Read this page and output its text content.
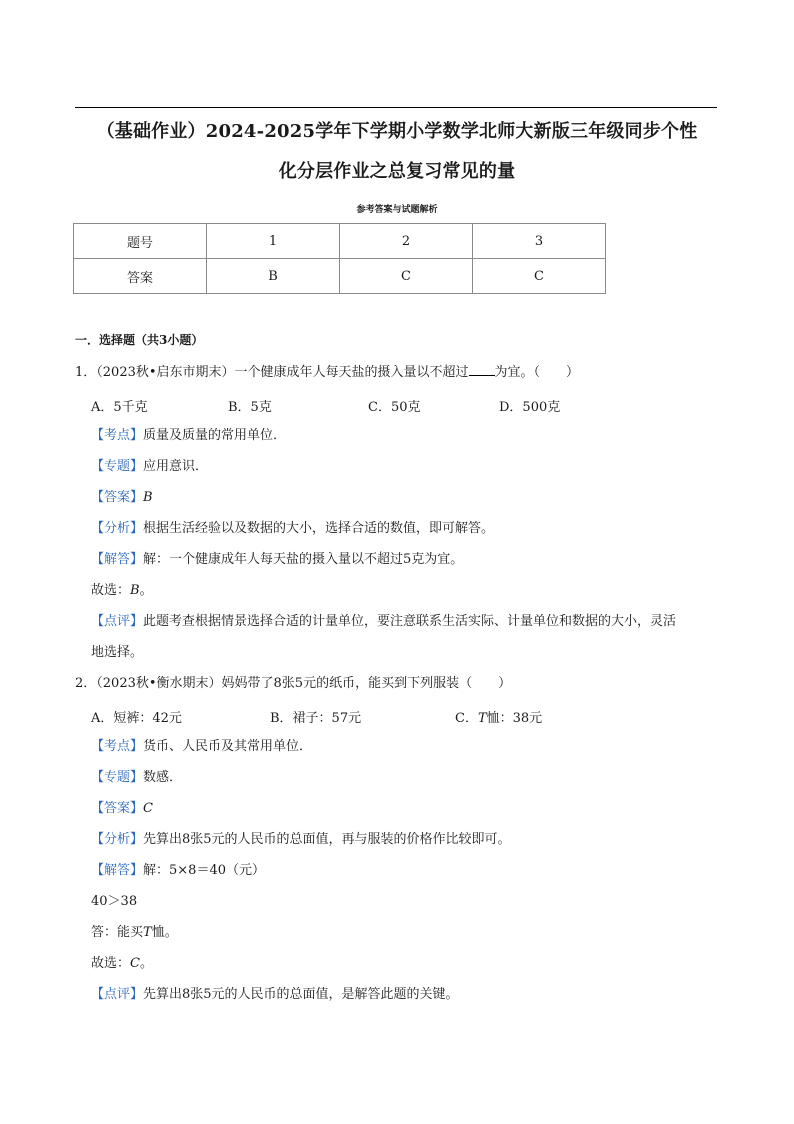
（基础作业）2024-2025学年下学期小学数学北师大新版三年级同步个性
化分层作业之总复习常见的量
参考答案与试题解析
题号	1	2	3
答案	B	C	C
一．选择题（共3小题）
1．（2023秋•启东市期末）一个健康成年人每天盐的摄入量以不超过 为宜。（　　）
A．5千克	B．5克	C．50克	D．500克
【考点】质量及质量的常用单位．
【专题】应用意识．
【答案】B
【分析】根据生活经验以及数据的大小，选择合适的数值，即可解答。
【解答】解：一个健康成年人每天盐的摄入量以不超过5克为宜。
故选：B。
【点评】此题考查根据情景选择合适的计量单位，要注意联系生活实际、计量单位和数据的大小，灵活
地选择。
2．（2023秋•衡水期末）妈妈带了8张5元的纸币，能买到下列服装（　　）
A．短裤：42元	B．裙子：57元	C．T恤：38元
【考点】货币、人民币及其常用单位．
【专题】数感．
【答案】C
【分析】先算出8张5元的人民币的总面值，再与服装的价格作比较即可。
【解答】解：5×8＝40（元）
40＞38
答：能买T恤。
故选：C。
【点评】先算出8张5元的人民币的总面值，是解答此题的关键。
